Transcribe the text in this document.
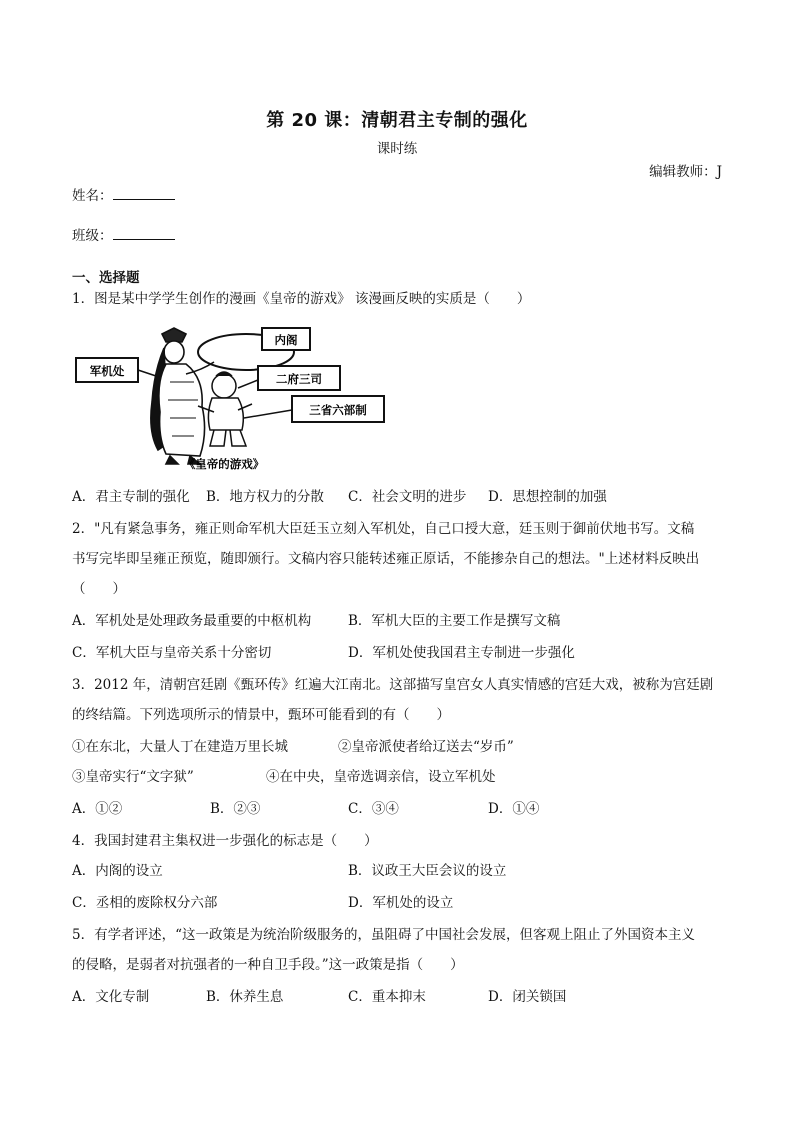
第 20 课：清朝君主专制的强化
课时练
编辑教师：J
姓名：
班级：
一、选择题
1．图是某中学学生创作的漫画《皇帝的游戏》 该漫画反映的实质是（　　）
军机处
内阁
二府三司
三省六部制
《皇帝的游戏》
A．君主专制的强化 B．地方权力的分散 C．社会文明的进步 D．思想控制的加强
2．"凡有紧急事务，雍正则命军机大臣廷玉立刻入军机处，自己口授大意，廷玉则于御前伏地书写。文稿
书写完毕即呈雍正预览，随即颁行。文稿内容只能转述雍正原话，不能掺杂自己的想法。"上述材料反映出
（　　）
A．军机处是处理政务最重要的中枢机构	B．军机大臣的主要工作是撰写文稿
C．军机大臣与皇帝关系十分密切	D．军机处使我国君主专制进一步强化
3．2012 年，清朝宫廷剧《甄环传》红遍大江南北。这部描写皇宫女人真实情感的宫廷大戏，被称为宫廷剧
的终结篇。下列选项所示的情景中，甄环可能看到的有（　　）
①在东北，大量人丁在建造万里长城	②皇帝派使者给辽送去“岁币”
③皇帝实行“文字狱”	④在中央，皇帝选调亲信，设立军机处
A．①②	B．②③	C．③④	D．①④
4．我国封建君主集权进一步强化的标志是（　　）
A．内阁的设立	B．议政王大臣会议的设立
C．丞相的废除权分六部	D．军机处的设立
5．有学者评述，“这一政策是为统治阶级服务的，虽阻碍了中国社会发展，但客观上阻止了外国资本主义
的侵略，是弱者对抗强者的一种自卫手段。”这一政策是指（　　）
A．文化专制	B．休养生息	C．重本抑末	D．闭关锁国
